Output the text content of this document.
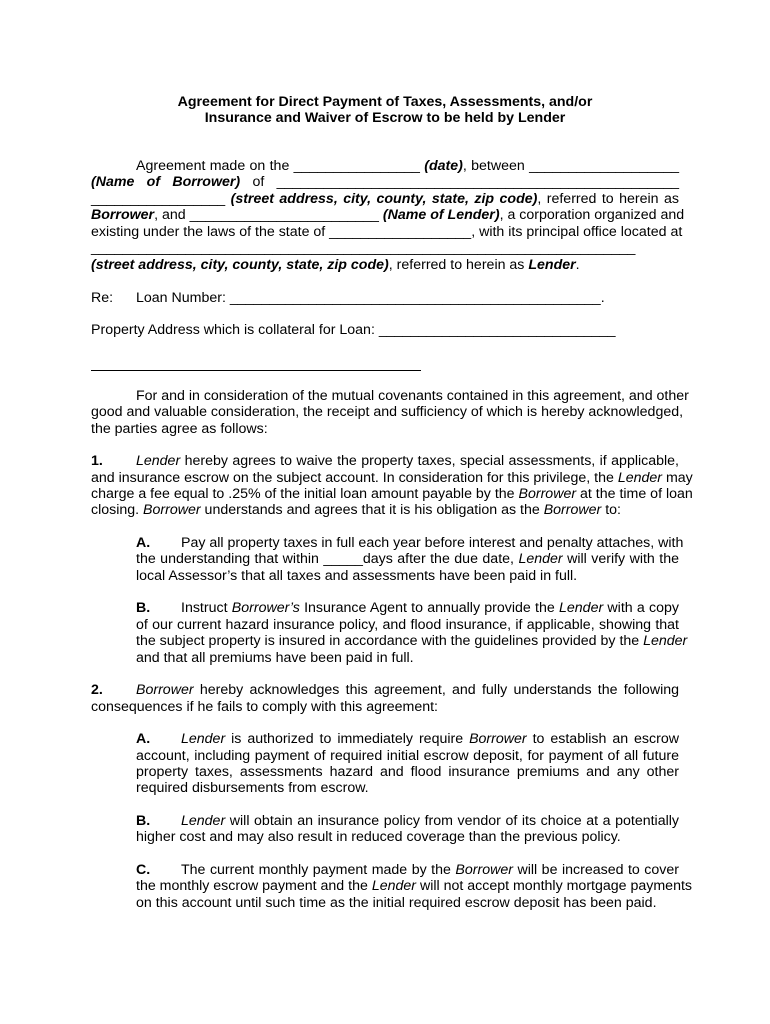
Agreement for Direct Payment of Taxes, Assessments, and/or
Insurance and Waiver of Escrow to be held by Lender

Agreement made on the ________________ (date), between ___________________

(Name of Borrower) of ___________________________________________________

_________________ (street address, city, county, state, zip code), referred to herein as

Borrower, and ________________________ (Name of Lender), a corporation organized and

existing under the laws of the state of __________________, with its principal office located at

_____________________________________________________________________

(street address, city, county, state, zip code), referred to herein as Lender.

Re: Loan Number: _______________________________________________.

Property Address which is collateral for Loan: ______________________________

For and in consideration of the mutual covenants contained in this agreement, and other

good and valuable consideration, the receipt and sufficiency of which is hereby acknowledged,

the parties agree as follows:

1. Lender hereby agrees to waive the property taxes, special assessments, if applicable,

and insurance escrow on the subject account. In consideration for this privilege, the Lender may

charge a fee equal to .25% of the initial loan amount payable by the Borrower at the time of loan

closing. Borrower understands and agrees that it is his obligation as the Borrower to:

A. Pay all property taxes in full each year before interest and penalty attaches, with

the understanding that within _____days after the due date, Lender will verify with the

local Assessor’s that all taxes and assessments have been paid in full.

B. Instruct Borrower’s Insurance Agent to annually provide the Lender with a copy

of our current hazard insurance policy, and flood insurance, if applicable, showing that

the subject property is insured in accordance with the guidelines provided by the Lender

and that all premiums have been paid in full.

2. Borrower hereby acknowledges this agreement, and fully understands the following

consequences if he fails to comply with this agreement:

A. Lender is authorized to immediately require Borrower to establish an escrow

account, including payment of required initial escrow deposit, for payment of all future

property taxes, assessments hazard and flood insurance premiums and any other

required disbursements from escrow.

B. Lender will obtain an insurance policy from vendor of its choice at a potentially

higher cost and may also result in reduced coverage than the previous policy.

C. The current monthly payment made by the Borrower will be increased to cover

the monthly escrow payment and the Lender will not accept monthly mortgage payments

on this account until such time as the initial required escrow deposit has been paid.
